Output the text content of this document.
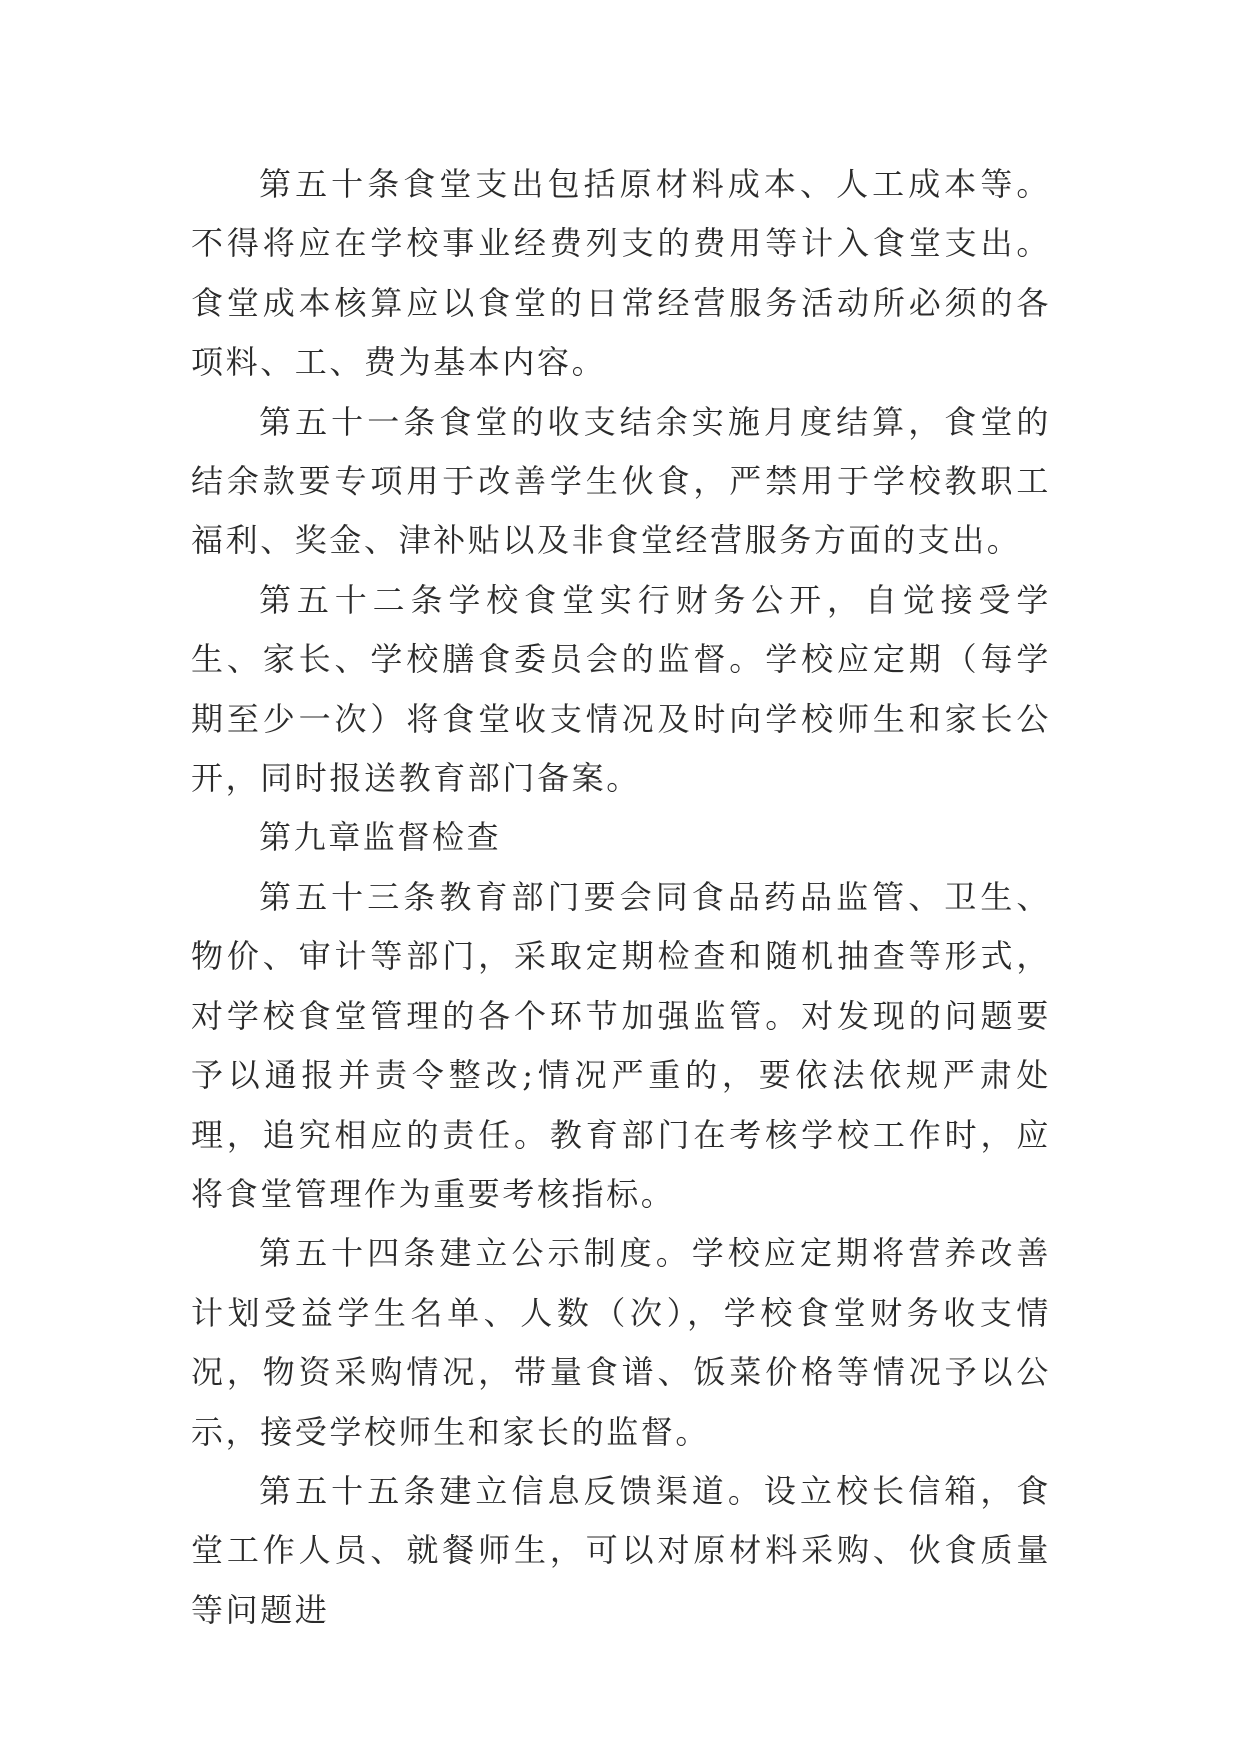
第五十条食堂支出包括原材料成本、人工成本等。不得将应在学校事业经费列支的费用等计入食堂支出。食堂成本核算应以食堂的日常经营服务活动所必须的各项料、工、费为基本内容。

第五十一条食堂的收支结余实施月度结算，食堂的结余款要专项用于改善学生伙食，严禁用于学校教职工福利、奖金、津补贴以及非食堂经营服务方面的支出。

第五十二条学校食堂实行财务公开，自觉接受学生、家长、学校膳食委员会的监督。学校应定期（每学期至少一次）将食堂收支情况及时向学校师生和家长公开，同时报送教育部门备案。

第九章监督检查

第五十三条教育部门要会同食品药品监管、卫生、物价、审计等部门，采取定期检查和随机抽查等形式，对学校食堂管理的各个环节加强监管。对发现的问题要予以通报并责令整改;情况严重的，要依法依规严肃处理，追究相应的责任。教育部门在考核学校工作时，应将食堂管理作为重要考核指标。

第五十四条建立公示制度。学校应定期将营养改善计划受益学生名单、人数（次），学校食堂财务收支情况，物资采购情况，带量食谱、饭菜价格等情况予以公示，接受学校师生和家长的监督。

第五十五条建立信息反馈渠道。设立校长信箱，食堂工作人员、就餐师生，可以对原材料采购、伙食质量等问题进
